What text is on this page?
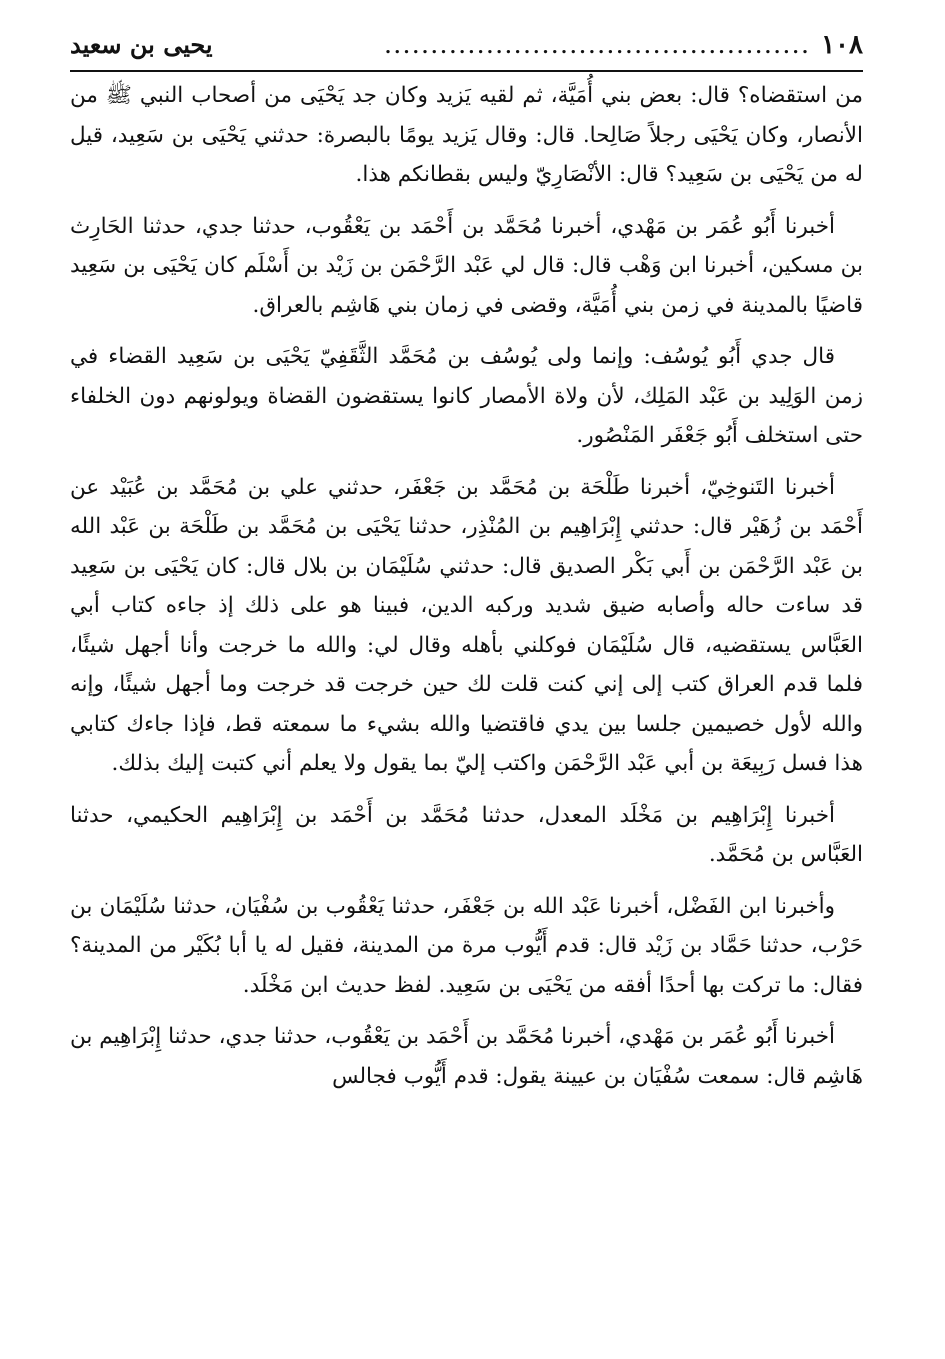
١٠٨
..............................................
يحيى بن سعيد

من استقضاه؟ قال: بعض بني أُمَيَّة، ثم لقيه يَزيد وكان جد يَحْيَى من أصحاب النبي ﷺ من الأنصار، وكان يَحْيَى رجلاً صَالِحا. قال: وقال يَزيد يومًا بالبصرة: حدثني يَحْيَى بن سَعِيد، قيل له من يَحْيَى بن سَعِيد؟ قال: الأنْصَارِيّ وليس بقطانكم هذا.

أخبرنا أَبُو عُمَر بن مَهْدي، أخبرنا مُحَمَّد بن أَحْمَد بن يَعْقُوب، حدثنا جدي، حدثنا الحَارِث بن مسكين، أخبرنا ابن وَهْب قال: قال لي عَبْد الرَّحْمَن بن زَيْد بن أَسْلَم كان يَحْيَى بن سَعِيد قاضيًا بالمدينة في زمن بني أُمَيَّة، وقضى في زمان بني هَاشِم بالعراق.

قال جدي أَبُو يُوسُف: وإنما ولى يُوسُف بن مُحَمَّد الثَّقَفِيّ يَحْيَى بن سَعِيد القضاء في زمن الوَلِيد بن عَبْد المَلِك، لأن ولاة الأمصار كانوا يستقضون القضاة ويولونهم دون الخلفاء حتى استخلف أَبُو جَعْفَر المَنْصُور.

أخبرنا التَنوخِيّ، أخبرنا طَلْحَة بن مُحَمَّد بن جَعْفَر، حدثني علي بن مُحَمَّد بن عُبَيْد عن أَحْمَد بن زُهَيْر قال: حدثني إِبْرَاهِيم بن المُنْذِر، حدثنا يَحْيَى بن مُحَمَّد بن طَلْحَة بن عَبْد الله بن عَبْد الرَّحْمَن بن أَبي بَكْر الصديق قال: حدثني سُلَيْمَان بن بلال قال: كان يَحْيَى بن سَعِيد قد ساءت حاله وأصابه ضيق شديد وركبه الدين، فبينا هو على ذلك إذ جاءه كتاب أبي العَبَّاس يستقضيه، قال سُلَيْمَان فوكلني بأهله وقال لي: والله ما خرجت وأنا أجهل شيئًا، فلما قدم العراق كتب إلى إني كنت قلت لك حين خرجت قد خرجت وما أجهل شيئًا، وإنه والله لأول خصيمين جلسا بين يدي فاقتضيا والله بشيء ما سمعته قط، فإذا جاءك كتابي هذا فسل رَبِيعَة بن أبي عَبْد الرَّحْمَن واكتب إليّ بما يقول ولا يعلم أني كتبت إليك بذلك.

أخبرنا إِبْرَاهِيم بن مَخْلَد المعدل، حدثنا مُحَمَّد بن أَحْمَد بن إِبْرَاهِيم الحكيمي، حدثنا العَبَّاس بن مُحَمَّد.

وأخبرنا ابن الفَضْل، أخبرنا عَبْد الله بن جَعْفَر، حدثنا يَعْقُوب بن سُفْيَان، حدثنا سُلَيْمَان بن حَرْب، حدثنا حَمَّاد بن زَيْد قال: قدم أَيُّوب مرة من المدينة، فقيل له يا أبا بُكَيْر من المدينة؟ فقال: ما تركت بها أحدًا أفقه من يَحْيَى بن سَعِيد. لفظ حديث ابن مَخْلَد.

أخبرنا أَبُو عُمَر بن مَهْدي، أخبرنا مُحَمَّد بن أَحْمَد بن يَعْقُوب، حدثنا جدي، حدثنا إِبْرَاهِيم بن هَاشِم قال: سمعت سُفْيَان بن عيينة يقول: قدم أَيُّوب فجالس
